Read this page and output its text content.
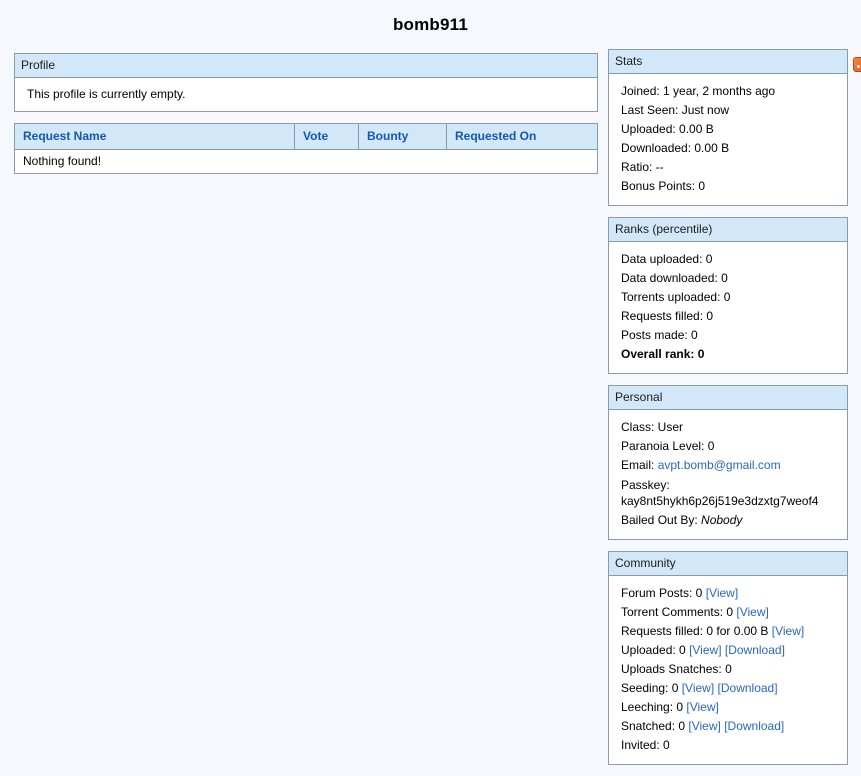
bomb911
Profile
This profile is currently empty.
Request Name	Vote	Bounty	Requested On
Nothing found!
Stats
Joined: 1 year, 2 months ago
Last Seen: Just now
Uploaded: 0.00 B
Downloaded: 0.00 B
Ratio: --
Bonus Points: 0
Ranks (percentile)
Data uploaded: 0
Data downloaded: 0
Torrents uploaded: 0
Requests filled: 0
Posts made: 0
Overall rank: 0
Personal
Class: User
Paranoia Level: 0
Email: avpt.bomb@gmail.com
Passkey:
kay8nt5hykh6p26j519e3dzxtg7weof4
Bailed Out By: Nobody
Community
Forum Posts: 0 [View]
Torrent Comments: 0 [View]
Requests filled: 0 for 0.00 B [View]
Uploaded: 0 [View] [Download]
Uploads Snatches: 0
Seeding: 0 [View] [Download]
Leeching: 0 [View]
Snatched: 0 [View] [Download]
Invited: 0
